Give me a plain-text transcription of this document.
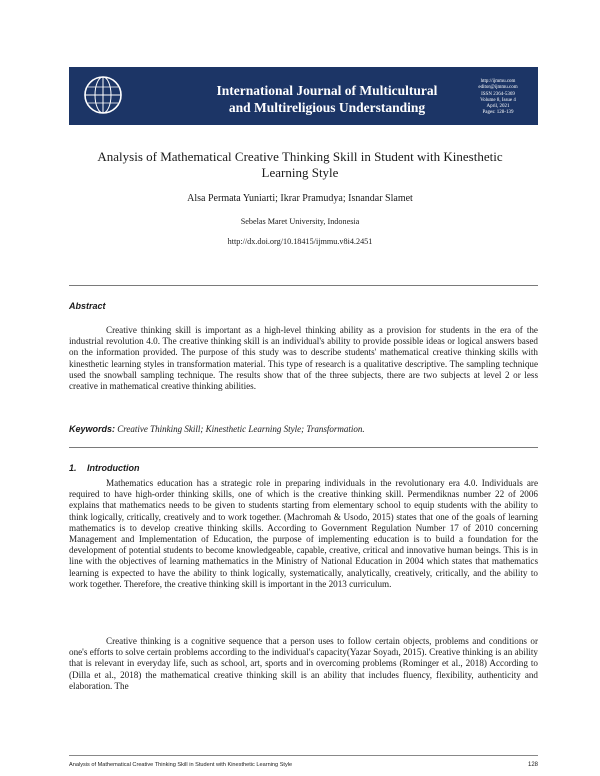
International Journal of Multicultural
and Multireligious Understanding
http://ijmmu.com
editor@ijmmu.com
ISSN 2364-5369
Volume 8, Issue 4
April, 2021
Pages: 128-139
Analysis of Mathematical Creative Thinking Skill in Student with Kinesthetic
Learning Style
Alsa Permata Yuniarti; Ikrar Pramudya; Isnandar Slamet
Sebelas Maret University, Indonesia
http://dx.doi.org/10.18415/ijmmu.v8i4.2451
Abstract

Creative thinking skill is important as a high-level thinking ability as a provision for students in the era of the industrial revolution 4.0. The creative thinking skill is an individual's ability to provide possible ideas or logical answers based on the information provided. The purpose of this study was to describe students' mathematical creative thinking skills with kinesthetic learning styles in transformation material. This type of research is a qualitative descriptive. The sampling technique used the snowball sampling technique. The results show that of the three subjects, there are two subjects at level 2 or less creative in mathematical creative thinking abilities.

Keywords: Creative Thinking Skill; Kinesthetic Learning Style; Transformation.
1. Introduction

Mathematics education has a strategic role in preparing individuals in the revolutionary era 4.0. Individuals are required to have high-order thinking skills, one of which is the creative thinking skill. Permendiknas number 22 of 2006 explains that mathematics needs to be given to students starting from elementary school to equip students with the ability to think logically, critically, creatively and to work together. (Machromah & Usodo, 2015) states that one of the goals of learning mathematics is to develop creative thinking skills. According to Government Regulation Number 17 of 2010 concerning Management and Implementation of Education, the purpose of implementing education is to build a foundation for the development of potential students to become knowledgeable, capable, creative, critical and innovative human beings. This is in line with the objectives of learning mathematics in the Ministry of National Education in 2004 which states that mathematics learning is expected to have the ability to think logically, systematically, analytically, creatively, critically, and the ability to work together. Therefore, the creative thinking skill is important in the 2013 curriculum.

Creative thinking is a cognitive sequence that a person uses to follow certain objects, problems and conditions or one's efforts to solve certain problems according to the individual's capacity(Yazar Soyadı, 2015). Creative thinking is an ability that is relevant in everyday life, such as school, art, sports and in overcoming problems (Rominger et al., 2018) According to (Dilla et al., 2018) the mathematical creative thinking skill is an ability that includes fluency, flexibility, authenticity and elaboration. The

Analysis of Mathematical Creative Thinking Skill in Student with Kinesthetic Learning Style	128
